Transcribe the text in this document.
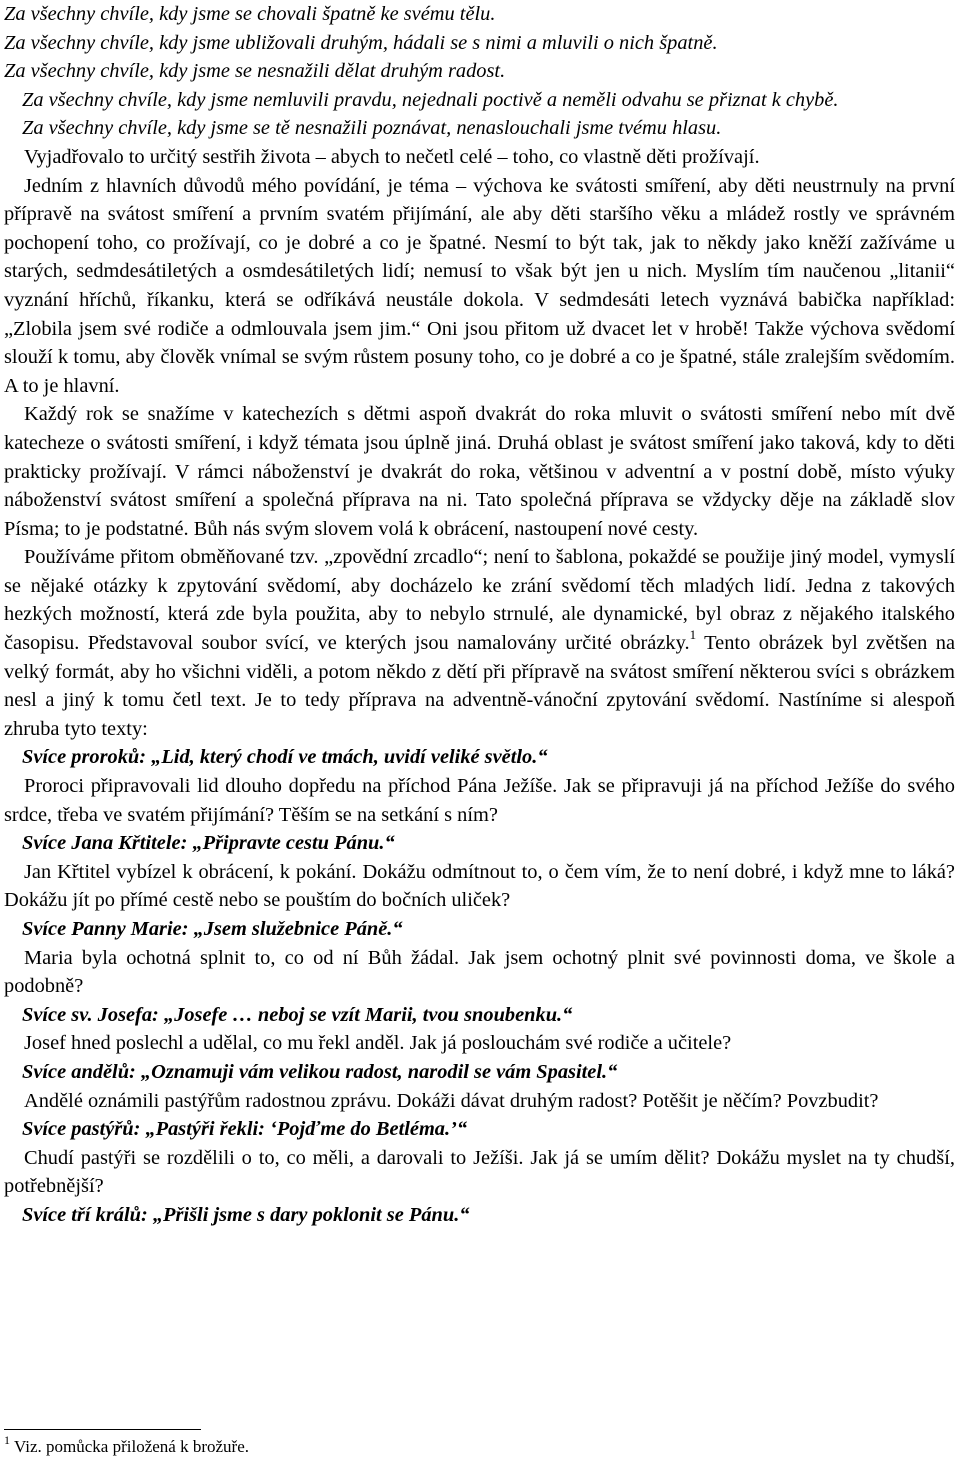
Za všechny chvíle, kdy jsme se chovali špatně ke svému tělu.

Za všechny chvíle, kdy jsme ubližovali druhým, hádali se s nimi a mluvili o nich špatně.

Za všechny chvíle, kdy jsme se nesnažili dělat druhým radost.

Za všechny chvíle, kdy jsme nemluvili pravdu, nejednali poctivě a neměli odvahu se přiznat k chybě.

Za všechny chvíle, kdy jsme se tě nesnažili poznávat, nenaslouchali jsme tvému hlasu.

Vyjadřovalo to určitý sestřih života – abych to nečetl celé – toho, co vlastně děti prožívají.

Jedním z hlavních důvodů mého povídání, je téma – výchova ke svátosti smíření, aby děti neustrnuly na první přípravě na svátost smíření a prvním svatém přijímání, ale aby děti staršího věku a mládež rostly ve správném pochopení toho, co prožívají, co je dobré a co je špatné. Nesmí to být tak, jak to někdy jako kněží zažíváme u starých, sedmdesátiletých a osmdesátiletých lidí; nemusí to však být jen u nich. Myslím tím naučenou „litanii“ vyznání hříchů, říkanku, která se odříkává neustále dokola. V sedmdesáti letech vyznává babička například: „Zlobila jsem své rodiče a odmlouvala jsem jim.“ Oni jsou přitom už dvacet let v hrobě! Takže výchova svědomí slouží k tomu, aby člověk vnímal se svým růstem posuny toho, co je dobré a co je špatné, stále zralejším svědomím. A to je hlavní.

Každý rok se snažíme v katechezích s dětmi aspoň dvakrát do roka mluvit o svátosti smíření nebo mít dvě katecheze o svátosti smíření, i když témata jsou úplně jiná. Druhá oblast je svátost smíření jako taková, kdy to děti prakticky prožívají. V rámci náboženství je dvakrát do roka, většinou v adventní a v postní době, místo výuky náboženství svátost smíření a společná příprava na ni. Tato společná příprava se vždycky děje na základě slov Písma; to je podstatné. Bůh nás svým slovem volá k obrácení, nastoupení nové cesty.

Používáme přitom obměňované tzv. „zpovědní zrcadlo“; není to šablona, pokaždé se použije jiný model, vymyslí se nějaké otázky k zpytování svědomí, aby docházelo ke zrání svědomí těch mladých lidí. Jedna z takových hezkých možností, která zde byla použita, aby to nebylo strnulé, ale dynamické, byl obraz z nějakého italského časopisu. Představoval soubor svící, ve kterých jsou namalovány určité obrázky.$^1$ Tento obrázek byl zvětšen na velký formát, aby ho všichni viděli, a potom někdo z dětí při přípravě na svátost smíření některou svíci s obrázkem nesl a jiný k tomu četl text. Je to tedy příprava na adventně-vánoční zpytování svědomí. Nastíníme si alespoň zhruba tyto texty:

Svíce proroků: „Lid, který chodí ve tmách, uvidí veliké světlo.“

Proroci připravovali lid dlouho dopředu na příchod Pána Ježíše. Jak se připravuji já na příchod Ježíše do svého srdce, třeba ve svatém přijímání? Těším se na setkání s ním?

Svíce Jana Křtitele: „Připravte cestu Pánu.“

Jan Křtitel vybízel k obrácení, k pokání. Dokážu odmítnout to, o čem vím, že to není dobré, i když mne to láká? Dokážu jít po přímé cestě nebo se pouštím do bočních uliček?

Svíce Panny Marie: „Jsem služebnice Páně.“

Maria byla ochotná splnit to, co od ní Bůh žádal. Jak jsem ochotný plnit své povinnosti doma, ve škole a podobně?

Svíce sv. Josefa: „Josefe … neboj se vzít Marii, tvou snoubenku.“

Josef hned poslechl a udělal, co mu řekl anděl. Jak já poslouchám své rodiče a učitele?

Svíce andělů: „Oznamuji vám velikou radost, narodil se vám Spasitel.“

Andělé oznámili pastýřům radostnou zprávu. Dokáži dávat druhým radost? Potěšit je něčím? Povzbudit?

Svíce pastýřů: „Pastýři řekli: ‘Pojďme do Betléma.’“

Chudí pastýři se rozdělili o to, co měli, a darovali to Ježíši. Jak já se umím dělit? Dokážu myslet na ty chudší, potřebnější?

Svíce tří králů: „Přišli jsme s dary poklonit se Pánu.“

$^1$ Viz. pomůcka přiložená k brožuře.
